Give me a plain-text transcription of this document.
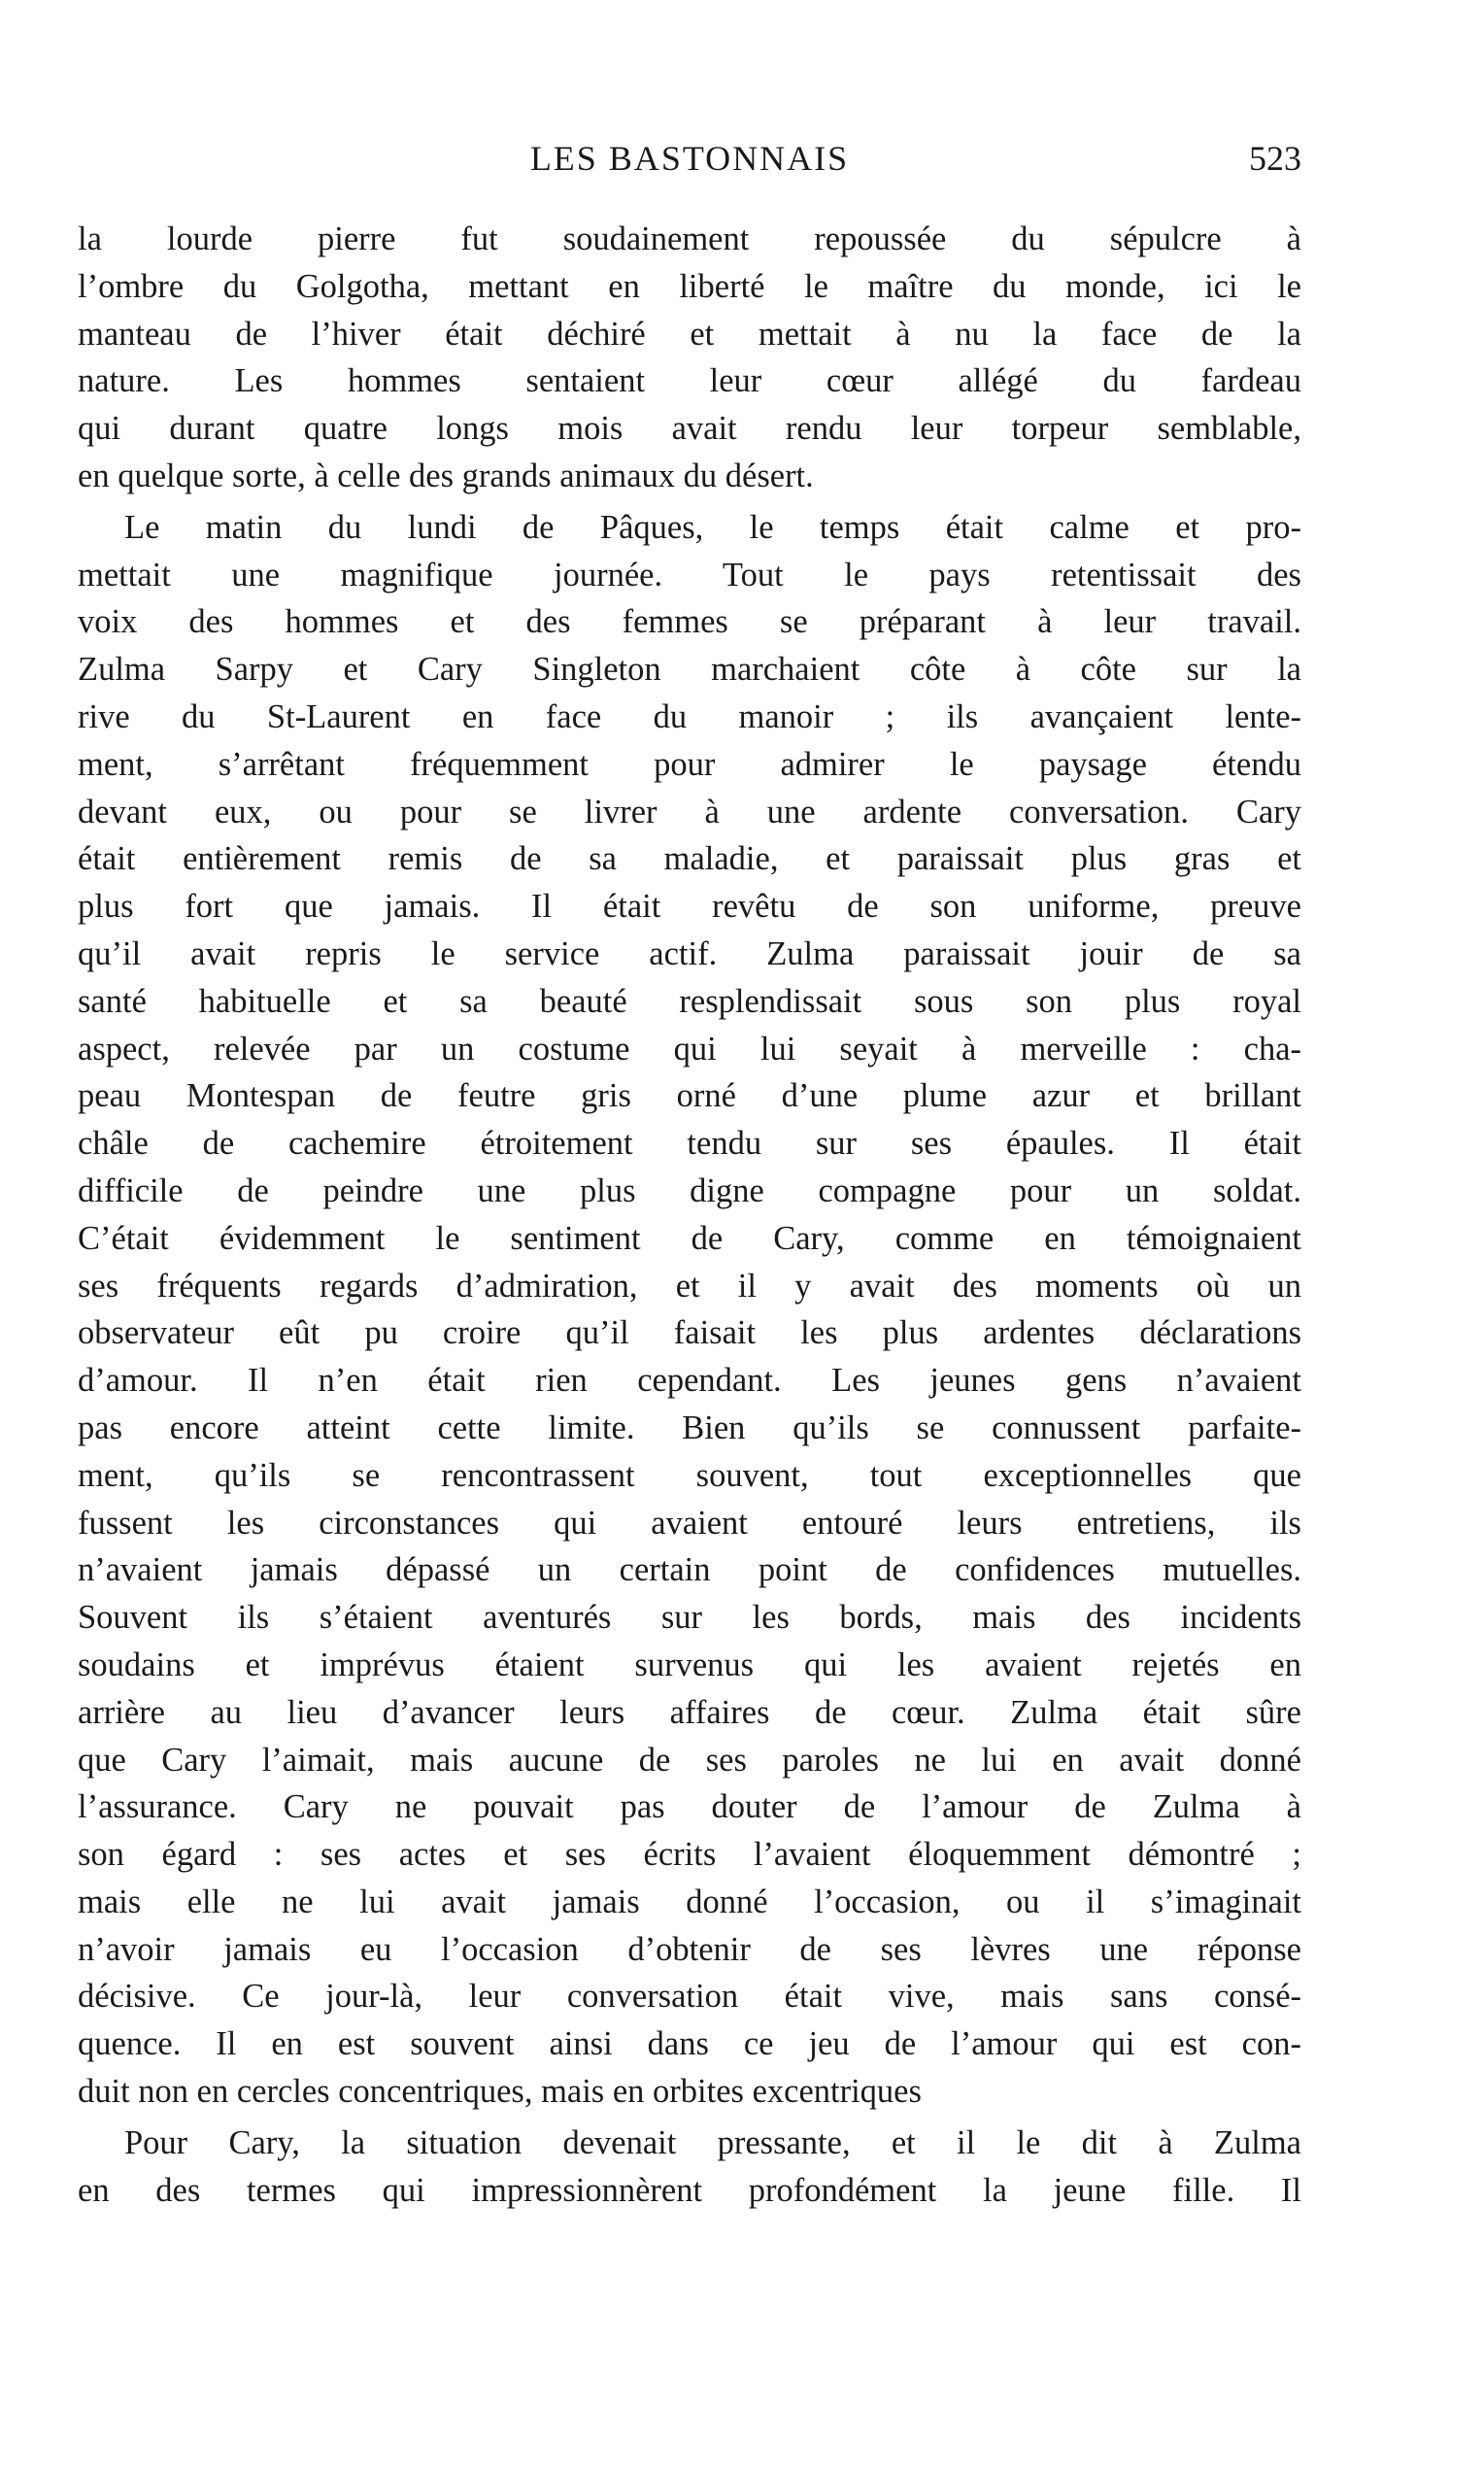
LES BASTONNAIS	523
la lourde pierre fut soudainement repoussée du sépulcre à
l’ombre du Golgotha, mettant en liberté le maître du monde, ici le
manteau de l’hiver était déchiré et mettait à nu la face de la
nature. Les hommes sentaient leur cœur allégé du fardeau
qui durant quatre longs mois avait rendu leur torpeur semblable,
en quelque sorte, à celle des grands animaux du désert.
Le matin du lundi de Pâques, le temps était calme et pro-
mettait une magnifique journée. Tout le pays retentissait des
voix des hommes et des femmes se préparant à leur travail.
Zulma Sarpy et Cary Singleton marchaient côte à côte sur la
rive du St-Laurent en face du manoir ; ils avançaient lente-
ment, s’arrêtant fréquemment pour admirer le paysage étendu
devant eux, ou pour se livrer à une ardente conversation. Cary
était entièrement remis de sa maladie, et paraissait plus gras et
plus fort que jamais. Il était revêtu de son uniforme, preuve
qu’il avait repris le service actif. Zulma paraissait jouir de sa
santé habituelle et sa beauté resplendissait sous son plus royal
aspect, relevée par un costume qui lui seyait à merveille : cha-
peau Montespan de feutre gris orné d’une plume azur et brillant
châle de cachemire étroitement tendu sur ses épaules. Il était
difficile de peindre une plus digne compagne pour un soldat.
C’était évidemment le sentiment de Cary, comme en témoignaient
ses fréquents regards d’admiration, et il y avait des moments où un
observateur eût pu croire qu’il faisait les plus ardentes déclarations
d’amour. Il n’en était rien cependant. Les jeunes gens n’avaient
pas encore atteint cette limite. Bien qu’ils se connussent parfaite-
ment, qu’ils se rencontrassent souvent, tout exceptionnelles que
fussent les circonstances qui avaient entouré leurs entretiens, ils
n’avaient jamais dépassé un certain point de confidences mutuelles.
Souvent ils s’étaient aventurés sur les bords, mais des incidents
soudains et imprévus étaient survenus qui les avaient rejetés en
arrière au lieu d’avancer leurs affaires de cœur. Zulma était sûre
que Cary l’aimait, mais aucune de ses paroles ne lui en avait donné
l’assurance. Cary ne pouvait pas douter de l’amour de Zulma à
son égard : ses actes et ses écrits l’avaient éloquemment démontré ;
mais elle ne lui avait jamais donné l’occasion, ou il s’imaginait
n’avoir jamais eu l’occasion d’obtenir de ses lèvres une réponse
décisive. Ce jour-là, leur conversation était vive, mais sans consé-
quence. Il en est souvent ainsi dans ce jeu de l’amour qui est con-
duit non en cercles concentriques, mais en orbites excentriques
Pour Cary, la situation devenait pressante, et il le dit à Zulma
en des termes qui impressionnèrent profondément la jeune fille. Il
